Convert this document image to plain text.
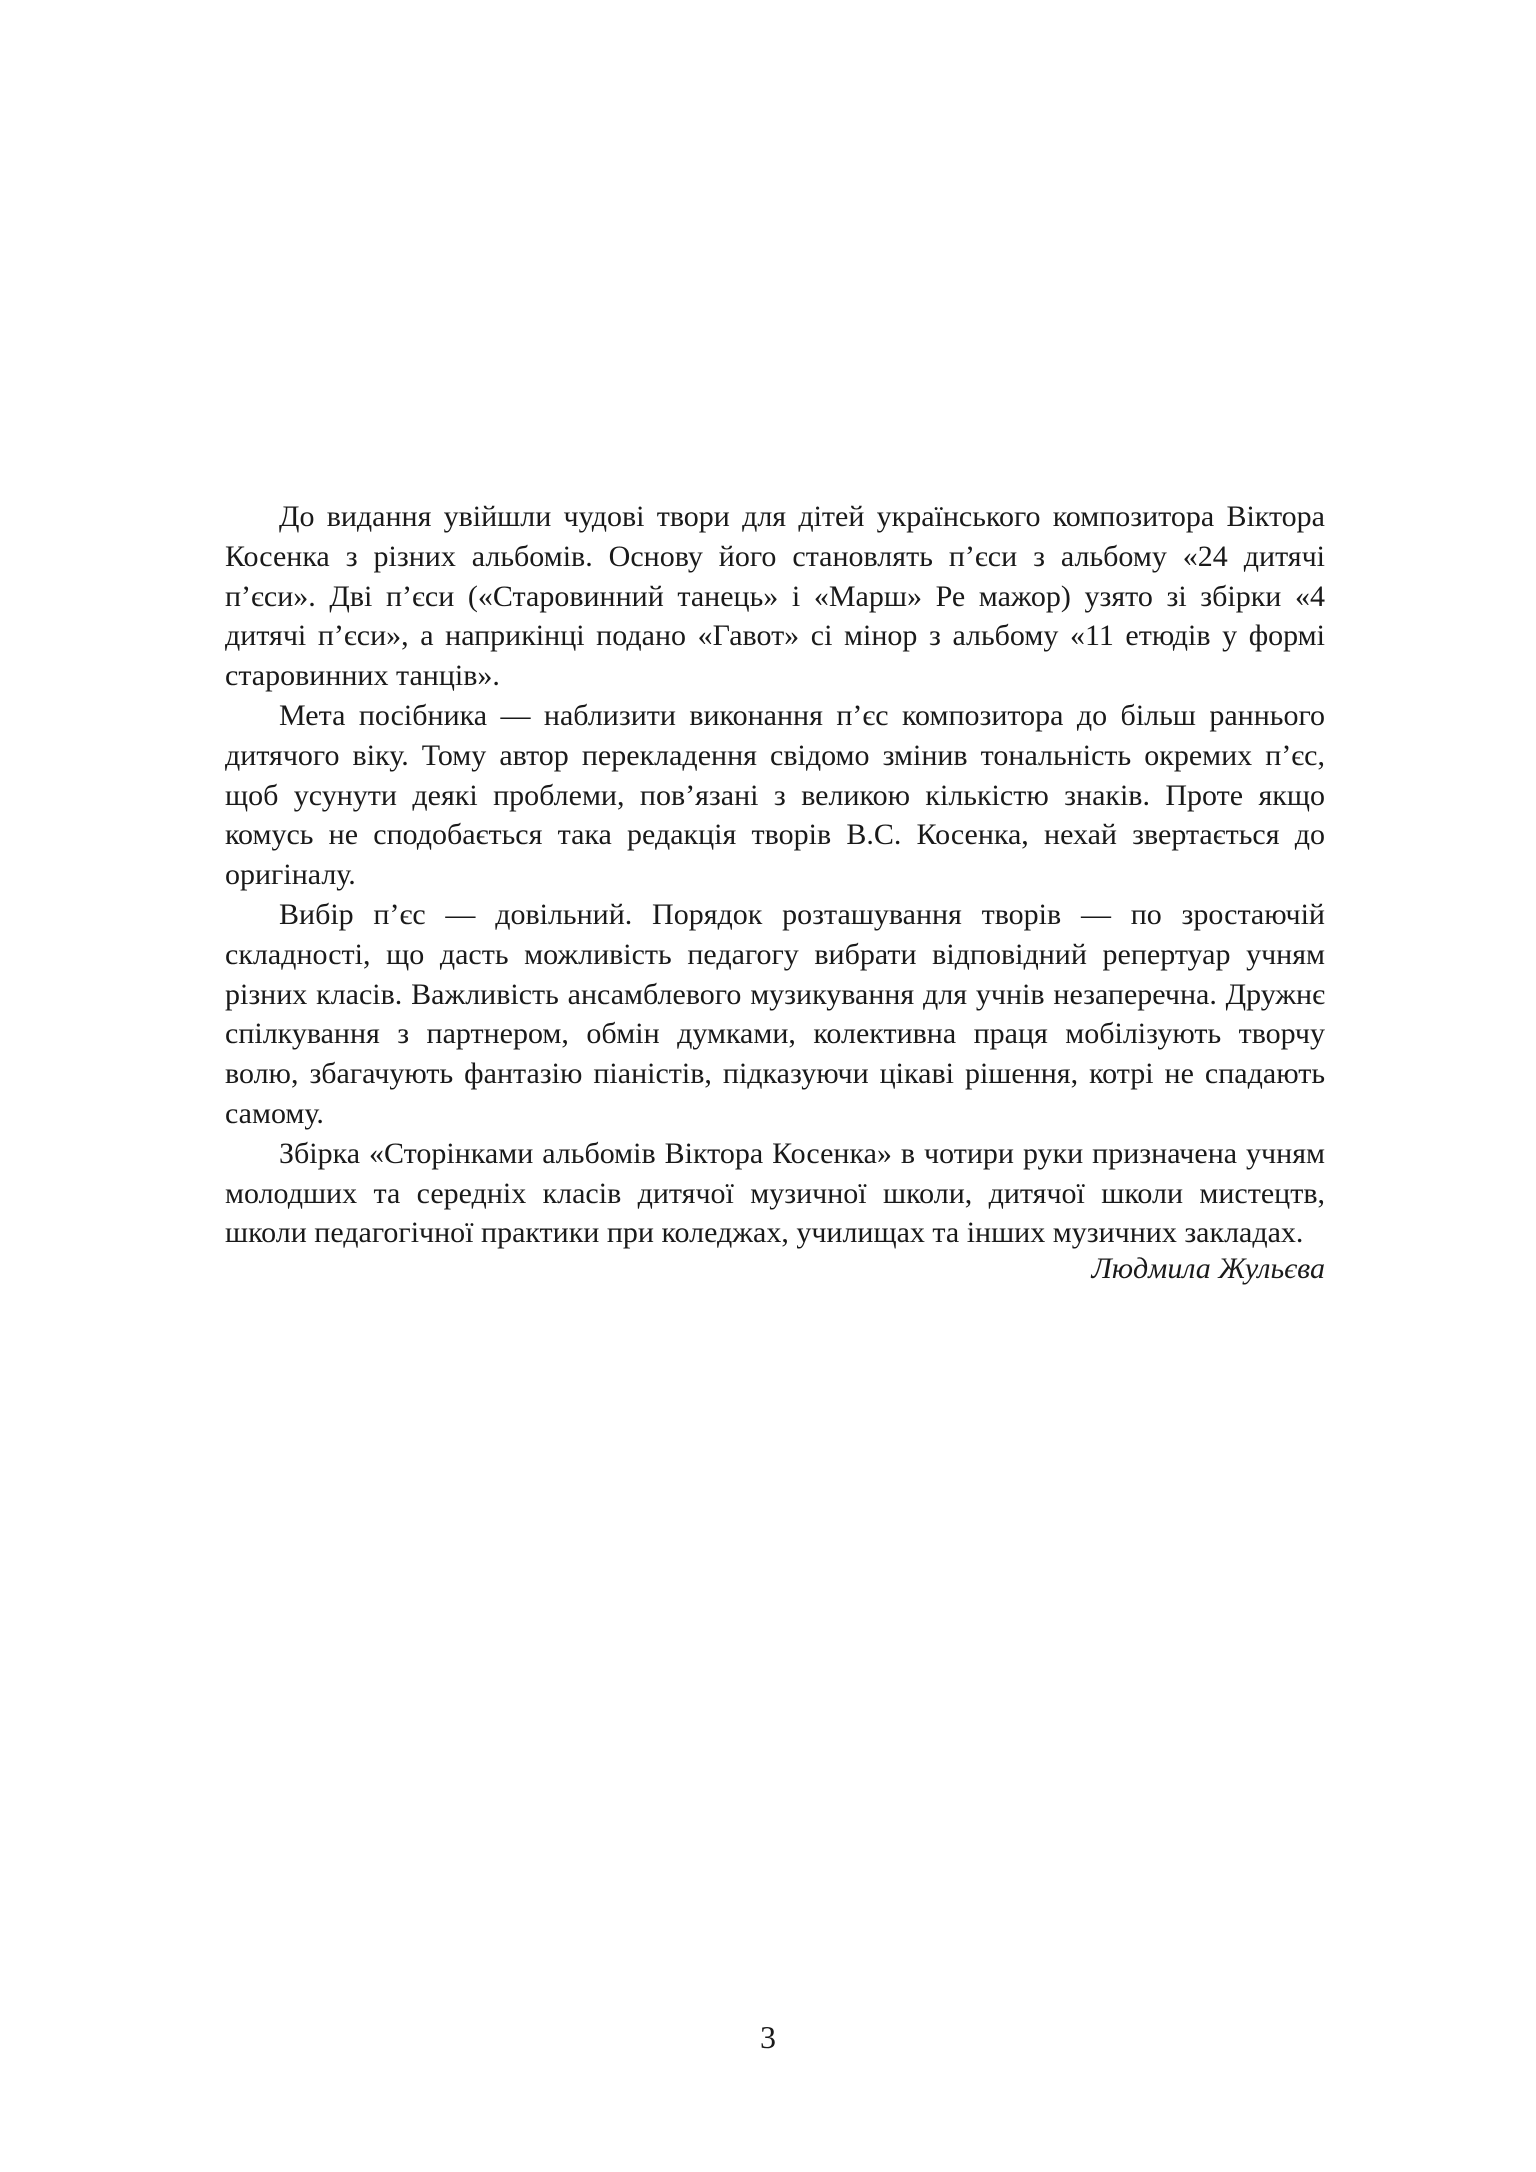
До видання увійшли чудові твори для дітей українського композитора Віктора Косенка з різних альбомів. Основу його становлять п’єси з альбому «24 дитячі п’єси». Дві п’єси («Старовинний танець» і «Марш» Ре мажор) узято зі збірки «4 дитячі п’єси», а наприкінці подано «Гавот» сі мінор з альбому «11 етюдів у формі старовинних танців».

Мета посібника — наблизити виконання п’єс композитора до більш раннього дитячого віку. Тому автор перекладення свідомо змінив тональність окремих п’єс, щоб усунути деякі проблеми, пов’язані з великою кількістю знаків. Проте якщо комусь не сподобається така редакція творів В.С. Косенка, нехай звертається до оригіналу.

Вибір п’єс — довільний. Порядок розташування творів — по зростаючій складності, що дасть можливість педагогу вибрати відповідний репертуар учням різних класів. Важливість ансамблевого музикування для учнів незаперечна. Дружнє спілкування з партнером, обмін думками, колективна праця мобілізують творчу волю, збагачують фантазію піаністів, підказуючи цікаві рішення, котрі не спадають самому.

Збірка «Сторінками альбомів Віктора Косенка» в чотири руки призначена учням молодших та середніх класів дитячої музичної школи, дитячої школи мистецтв, школи педагогічної практики при коледжах, училищах та інших музичних закладах.

Людмила Жульєва
3
